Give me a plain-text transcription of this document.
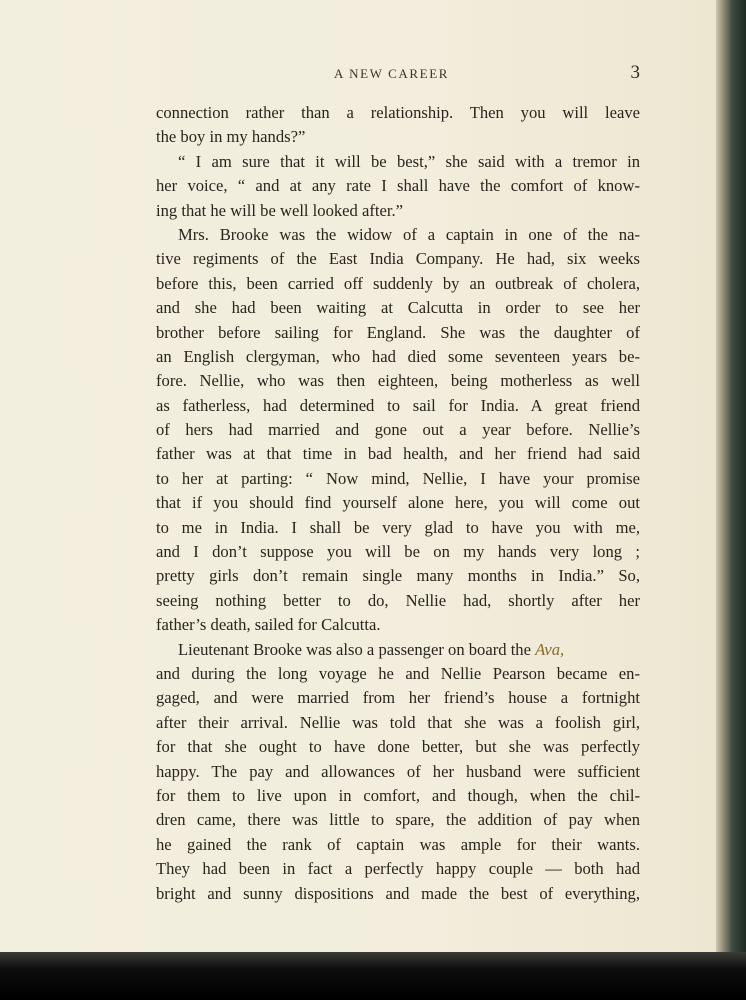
A NEW CAREER	3
connection rather than a relationship. Then you will leave
the boy in my hands?”
“ I am sure that it will be best,” she said with a tremor in
her voice, “ and at any rate I shall have the comfort of know-
ing that he will be well looked after.”
Mrs. Brooke was the widow of a captain in one of the na-
tive regiments of the East India Company. He had, six weeks
before this, been carried off suddenly by an outbreak of cholera,
and she had been waiting at Calcutta in order to see her
brother before sailing for England. She was the daughter of
an English clergyman, who had died some seventeen years be-
fore. Nellie, who was then eighteen, being motherless as well
as fatherless, had determined to sail for India. A great friend
of hers had married and gone out a year before. Nellie’s
father was at that time in bad health, and her friend had said
to her at parting: “ Now mind, Nellie, I have your promise
that if you should find yourself alone here, you will come out
to me in India. I shall be very glad to have you with me,
and I don’t suppose you will be on my hands very long ;
pretty girls don’t remain single many months in India.” So,
seeing nothing better to do, Nellie had, shortly after her
father’s death, sailed for Calcutta.
Lieutenant Brooke was also a passenger on board the Ava,
and during the long voyage he and Nellie Pearson became en-
gaged, and were married from her friend’s house a fortnight
after their arrival. Nellie was told that she was a foolish girl,
for that she ought to have done better, but she was perfectly
happy. The pay and allowances of her husband were sufficient
for them to live upon in comfort, and though, when the chil-
dren came, there was little to spare, the addition of pay when
he gained the rank of captain was ample for their wants.
They had been in fact a perfectly happy couple — both had
bright and sunny dispositions and made the best of everything,
